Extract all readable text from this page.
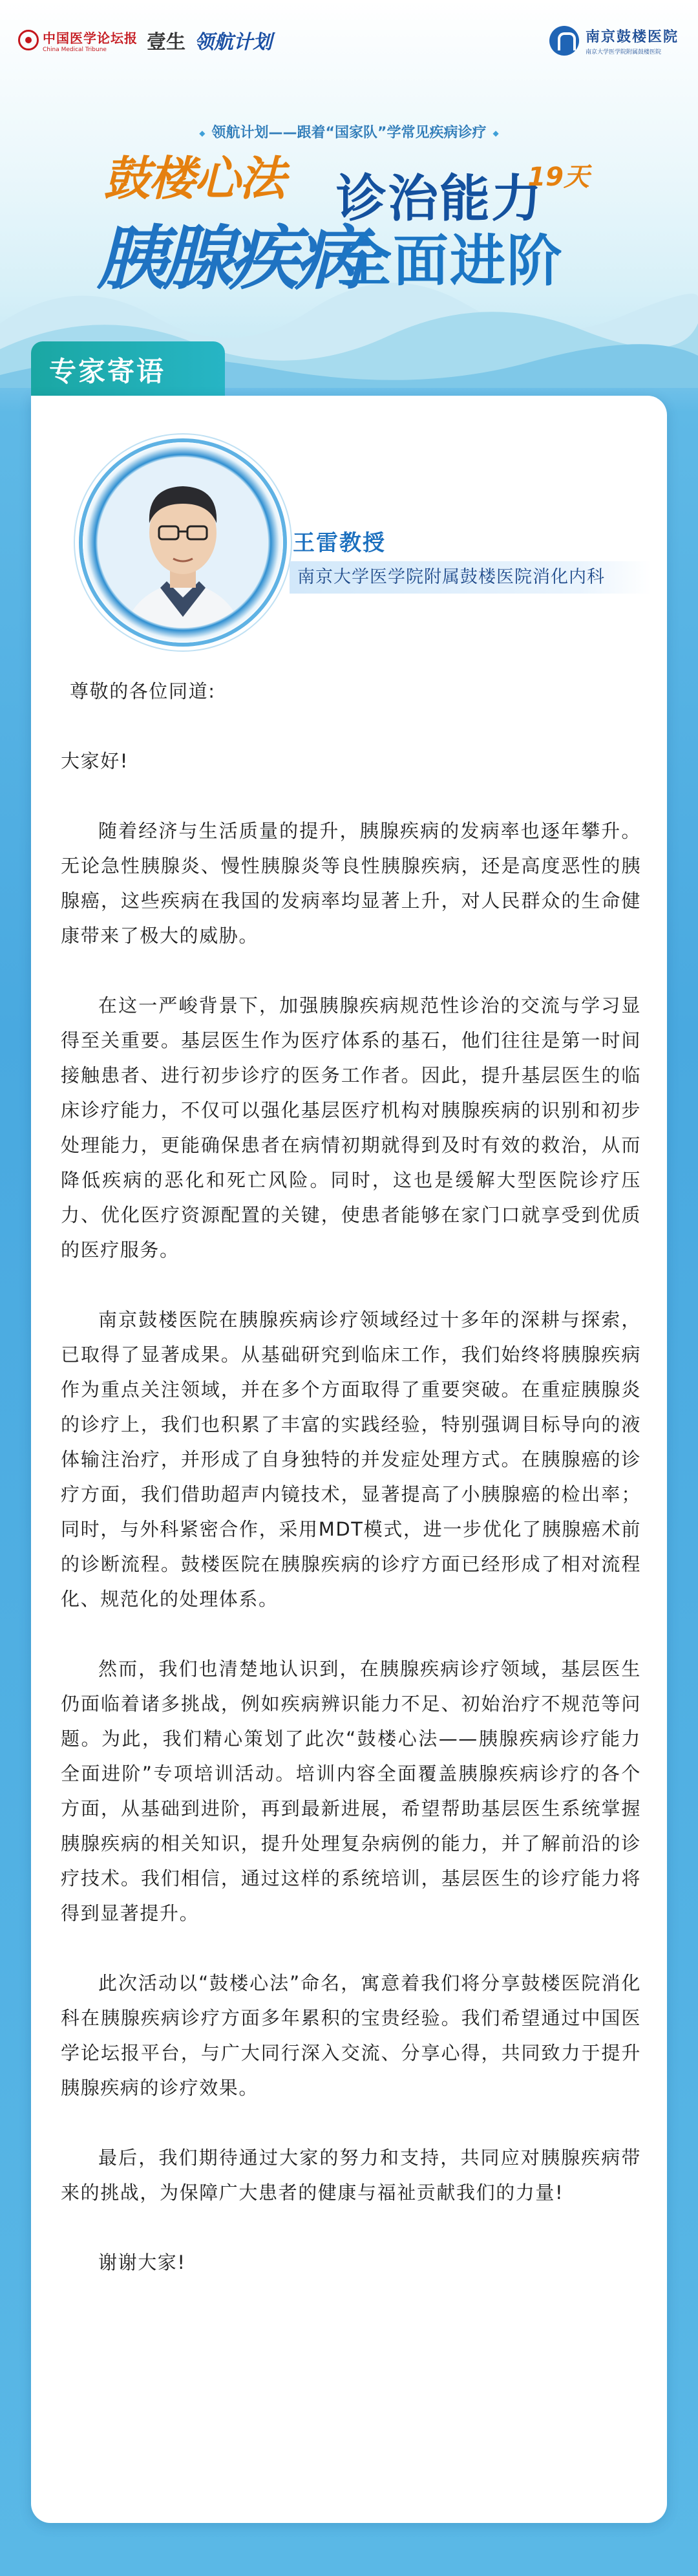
中国医学论坛报
China Medical Tribune	壹生 领航计划	南京鼓楼医院
南京大学医学院附属鼓楼医院
◆ 领航计划——跟着“国家队”学常见疾病诊疗 ◆
鼓楼心法
胰腺疾病
诊治能力
全面进阶
19天
专家寄语
王雷教授
南京大学医学院附属鼓楼医院消化内科

尊敬的各位同道:

大家好!

随着经济与生活质量的提升，胰腺疾病的发病率也逐年攀升。无论急性胰腺炎、慢性胰腺炎等良性胰腺疾病，还是高度恶性的胰腺癌，这些疾病在我国的发病率均显著上升，对人民群众的生命健康带来了极大的威胁。

在这一严峻背景下，加强胰腺疾病规范性诊治的交流与学习显得至关重要。基层医生作为医疗体系的基石，他们往往是第一时间接触患者、进行初步诊疗的医务工作者。因此，提升基层医生的临床诊疗能力，不仅可以强化基层医疗机构对胰腺疾病的识别和初步处理能力，更能确保患者在病情初期就得到及时有效的救治，从而降低疾病的恶化和死亡风险。同时，这也是缓解大型医院诊疗压力、优化医疗资源配置的关键，使患者能够在家门口就享受到优质的医疗服务。

南京鼓楼医院在胰腺疾病诊疗领域经过十多年的深耕与探索，已取得了显著成果。从基础研究到临床工作，我们始终将胰腺疾病作为重点关注领域，并在多个方面取得了重要突破。在重症胰腺炎的诊疗上，我们也积累了丰富的实践经验，特别强调目标导向的液体输注治疗，并形成了自身独特的并发症处理方式。在胰腺癌的诊疗方面，我们借助超声内镜技术，显著提高了小胰腺癌的检出率；同时，与外科紧密合作，采用MDT模式，进一步优化了胰腺癌术前的诊断流程。鼓楼医院在胰腺疾病的诊疗方面已经形成了相对流程化、规范化的处理体系。

然而，我们也清楚地认识到，在胰腺疾病诊疗领域，基层医生仍面临着诸多挑战，例如疾病辨识能力不足、初始治疗不规范等问题。为此，我们精心策划了此次“鼓楼心法——胰腺疾病诊疗能力全面进阶”专项培训活动。培训内容全面覆盖胰腺疾病诊疗的各个方面，从基础到进阶，再到最新进展，希望帮助基层医生系统掌握胰腺疾病的相关知识，提升处理复杂病例的能力，并了解前沿的诊疗技术。我们相信，通过这样的系统培训，基层医生的诊疗能力将得到显著提升。

此次活动以“鼓楼心法”命名，寓意着我们将分享鼓楼医院消化科在胰腺疾病诊疗方面多年累积的宝贵经验。我们希望通过中国医学论坛报平台，与广大同行深入交流、分享心得，共同致力于提升胰腺疾病的诊疗效果。

最后，我们期待通过大家的努力和支持，共同应对胰腺疾病带来的挑战，为保障广大患者的健康与福祉贡献我们的力量!

谢谢大家!
